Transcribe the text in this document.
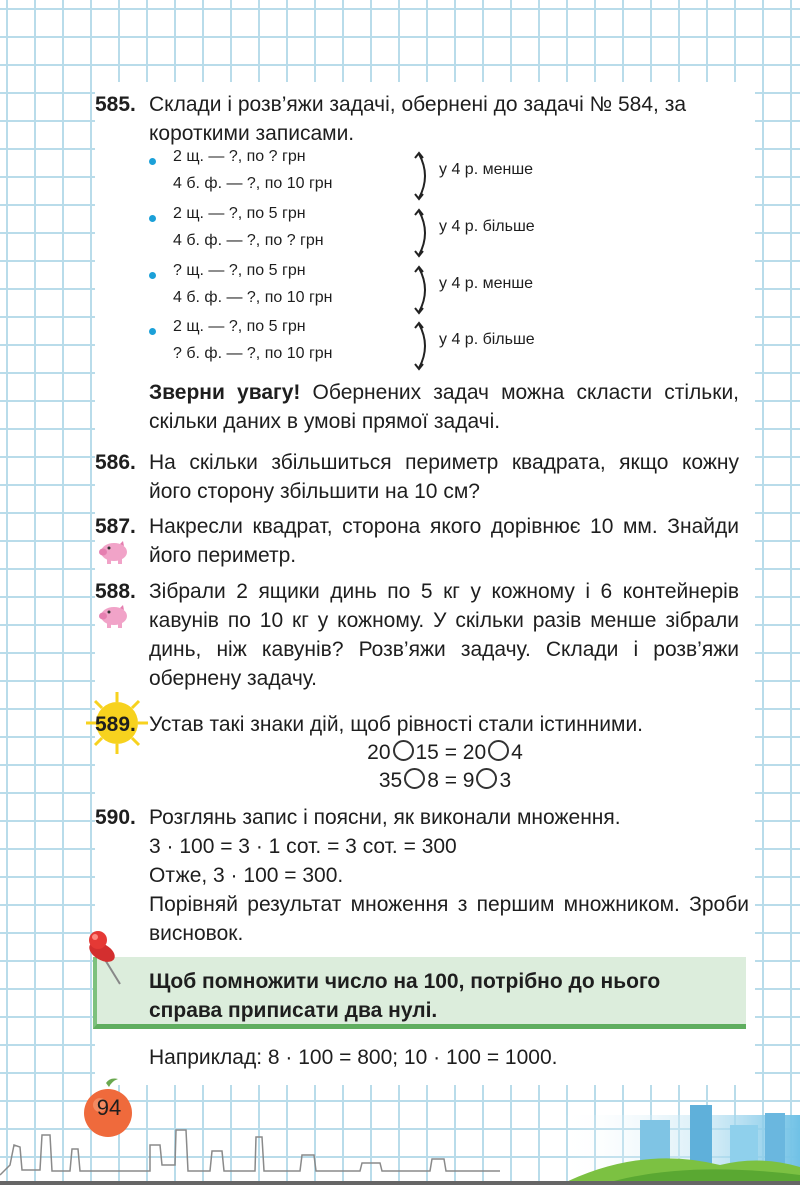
585. Склади і розв’яжи задачі, обернені до задачі № 584, за короткими записами.
2 щ. — ?, по ? грн
4 б. ф. — ?, по 10 грн
у 4 р. менше
2 щ. — ?, по 5 грн
4 б. ф. — ?, по ? грн
у 4 р. більше
? щ. — ?, по 5 грн
4 б. ф. — ?, по 10 грн
у 4 р. менше
2 щ. — ?, по 5 грн
? б. ф. — ?, по 10 грн
у 4 р. більше
Зверни увагу! Обернених задач можна скласти стільки, скільки даних в умові прямої задачі.
586. На скільки збільшиться периметр квадрата, якщо кожну його сторону збільшити на 10 см?
587. Накресли квадрат, сторона якого дорівнює 10 мм. Знайди його периметр.
588. Зібрали 2 ящики динь по 5 кг у кожному і 6 контейнерів кавунів по 10 кг у кожному. У скільки разів менше зібрали динь, ніж кавунів? Розв’яжи задачу. Склади і розв’яжи обернену задачу.
589. Устав такі знаки дій, щоб рівності стали істинними.
20 15 = 20 4
35 8 = 9 3
590. Розглянь запис і поясни, як виконали множення.
3 · 100 = 3 · 1 сот. = 3 сот. = 300
Отже, 3 · 100 = 300.
Порівняй результат множення з першим множником. Зроби висновок.
Щоб помножити число на 100, потрібно до нього справа приписати два нулі.
Наприклад: 8 · 100 = 800; 10 · 100 = 1000.
94
